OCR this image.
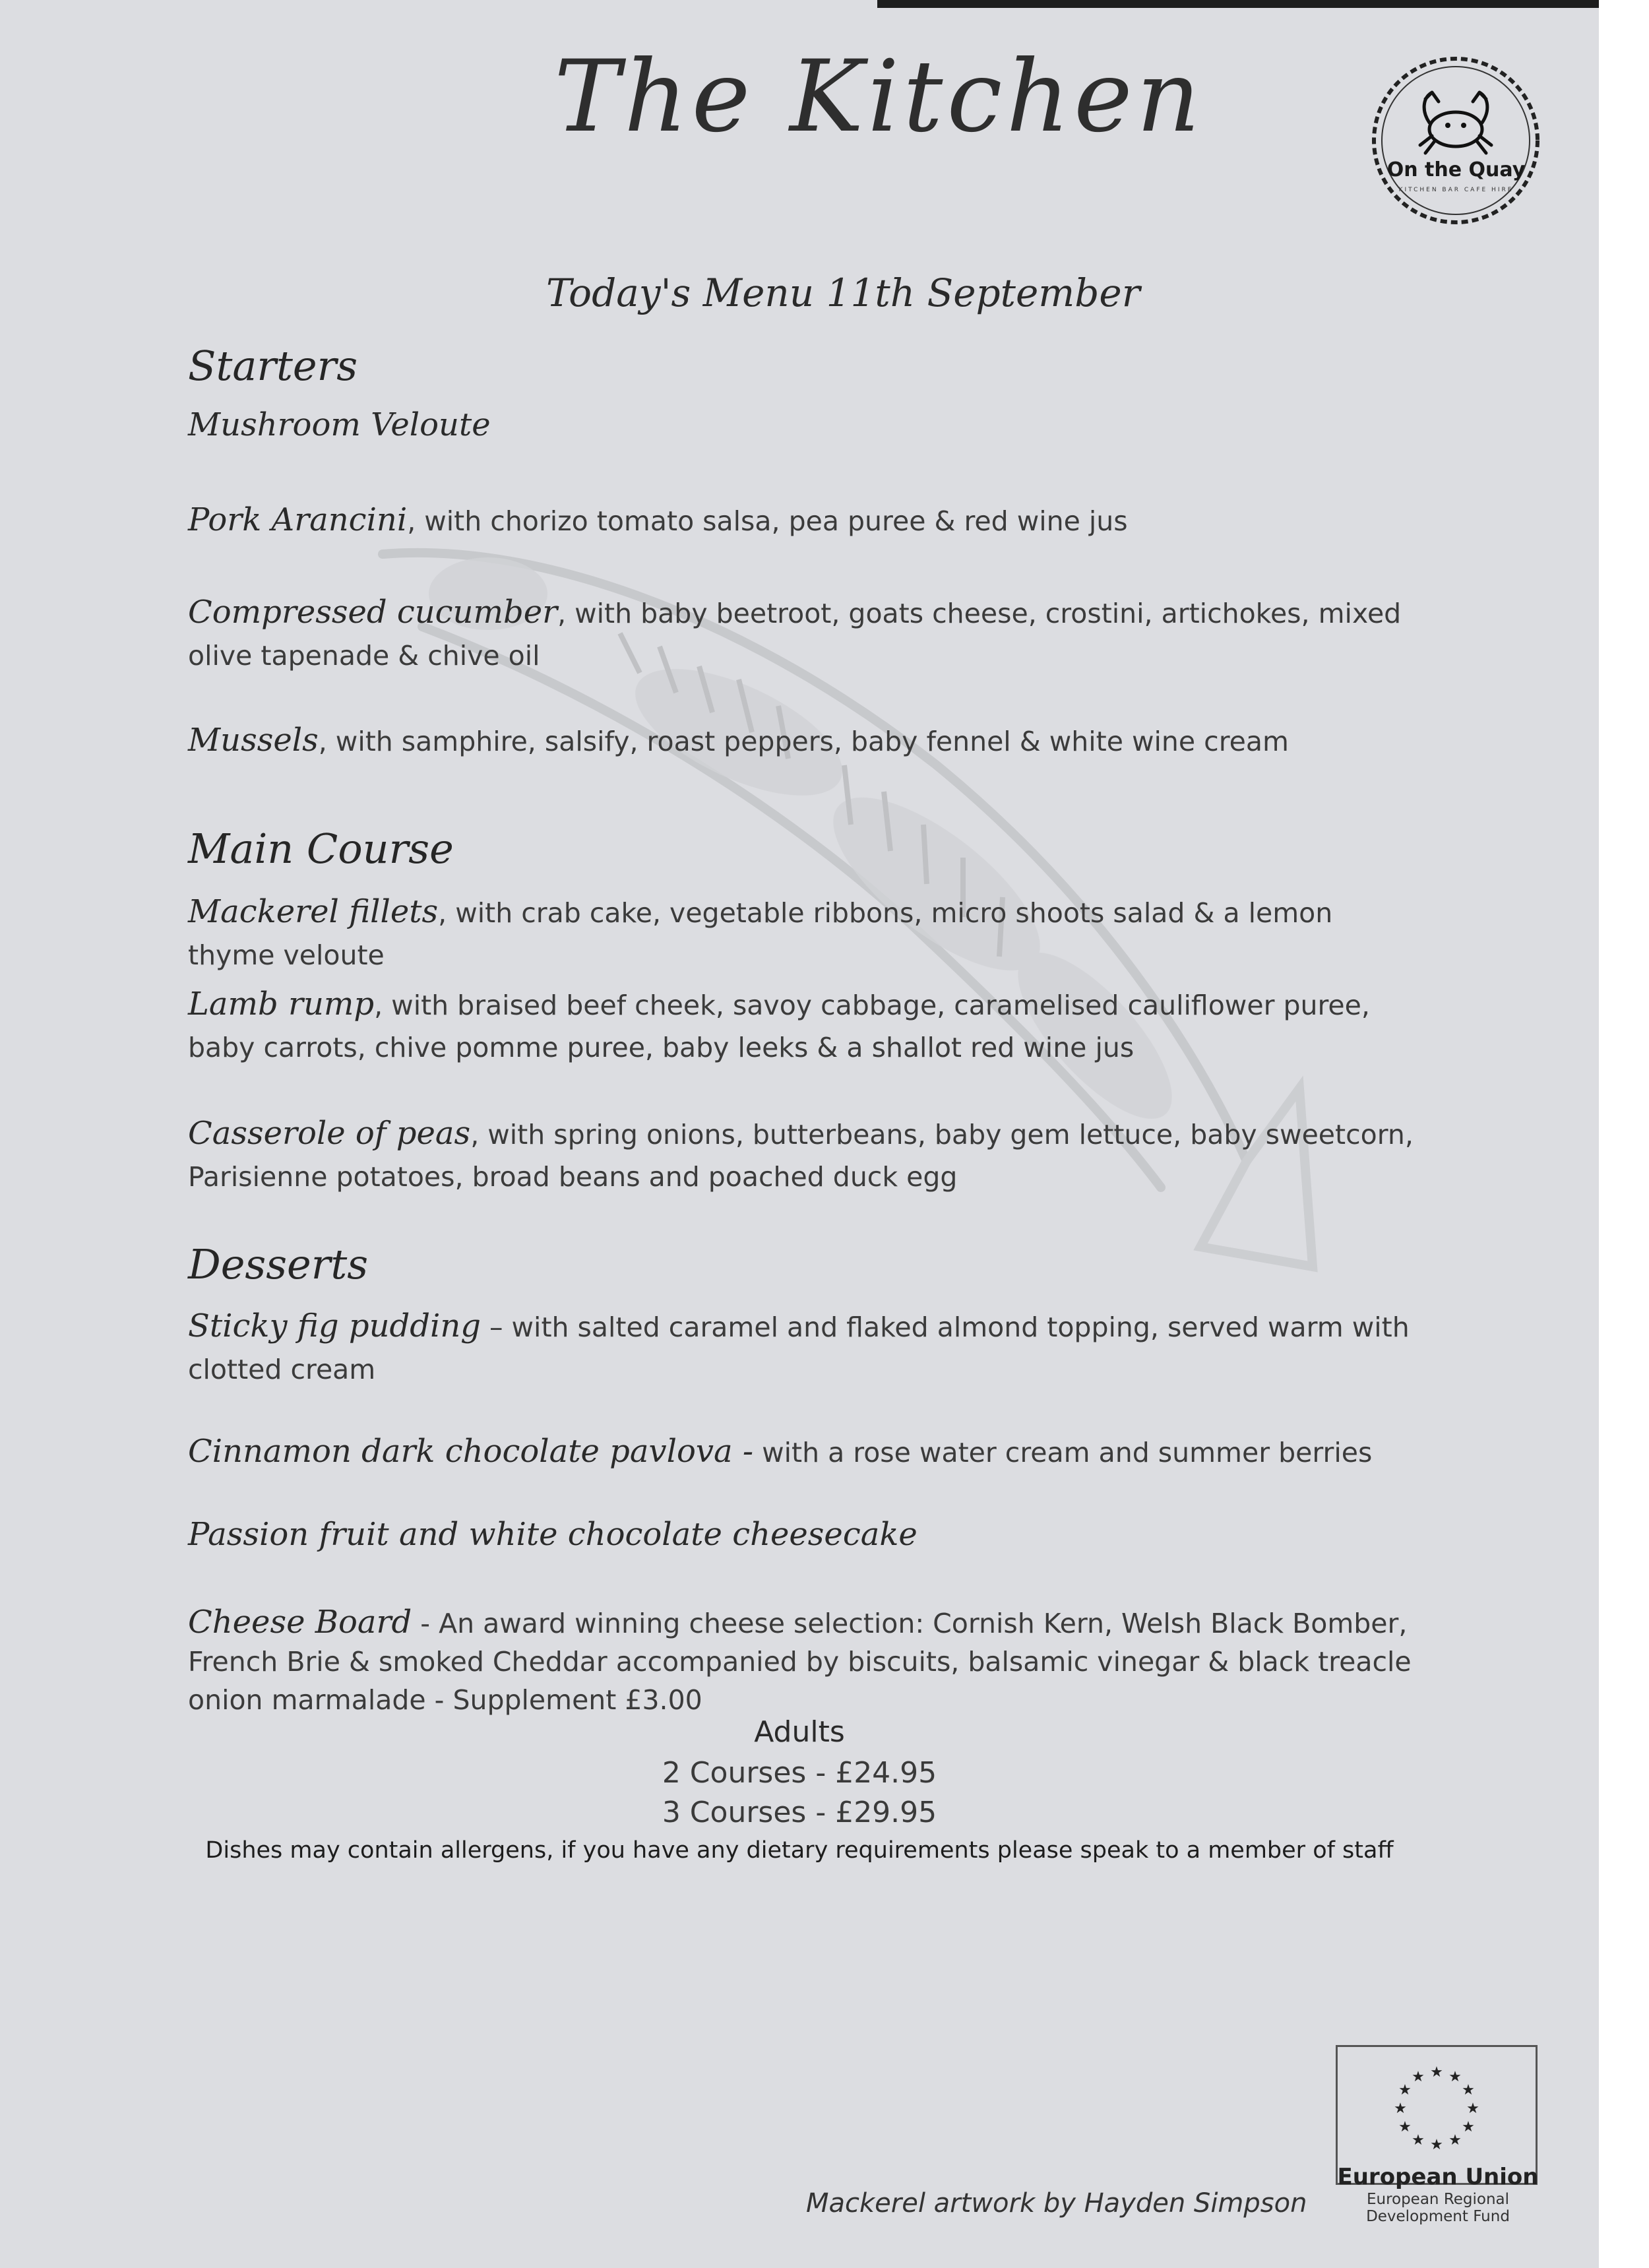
The Kitchen
On the Quay
KITCHEN BAR CAFE HIRE
Today's Menu 11th September
Starters
Mushroom Veloute
Pork Arancini, with chorizo tomato salsa, pea puree & red wine jus
Compressed cucumber, with baby beetroot, goats cheese, crostini, artichokes, mixed olive tapenade & chive oil
Mussels, with samphire, salsify, roast peppers, baby fennel & white wine cream
Main Course
Mackerel fillets, with crab cake, vegetable ribbons, micro shoots salad & a lemon thyme veloute
Lamb rump, with braised beef cheek, savoy cabbage, caramelised cauliflower puree, baby carrots, chive pomme puree, baby leeks & a shallot red wine jus
Casserole of peas, with spring onions, butterbeans, baby gem lettuce, baby sweetcorn, Parisienne potatoes, broad beans and poached duck egg
Desserts
Sticky fig pudding – with salted caramel and flaked almond topping, served warm with clotted cream
Cinnamon dark chocolate pavlova - with a rose water cream and summer berries
Passion fruit and white chocolate cheesecake
Cheese Board - An award winning cheese selection: Cornish Kern, Welsh Black Bomber, French Brie & smoked Cheddar accompanied by biscuits, balsamic vinegar & black treacle onion marmalade - Supplement £3.00
Adults
2 Courses - £24.95
3 Courses - £29.95
Dishes may contain allergens, if you have any dietary requirements please speak to a member of staff
Mackerel artwork by Hayden Simpson
★ ★
★
★
★
★
★
★
★
★
★
★
European Union
European Regional
Development Fund
